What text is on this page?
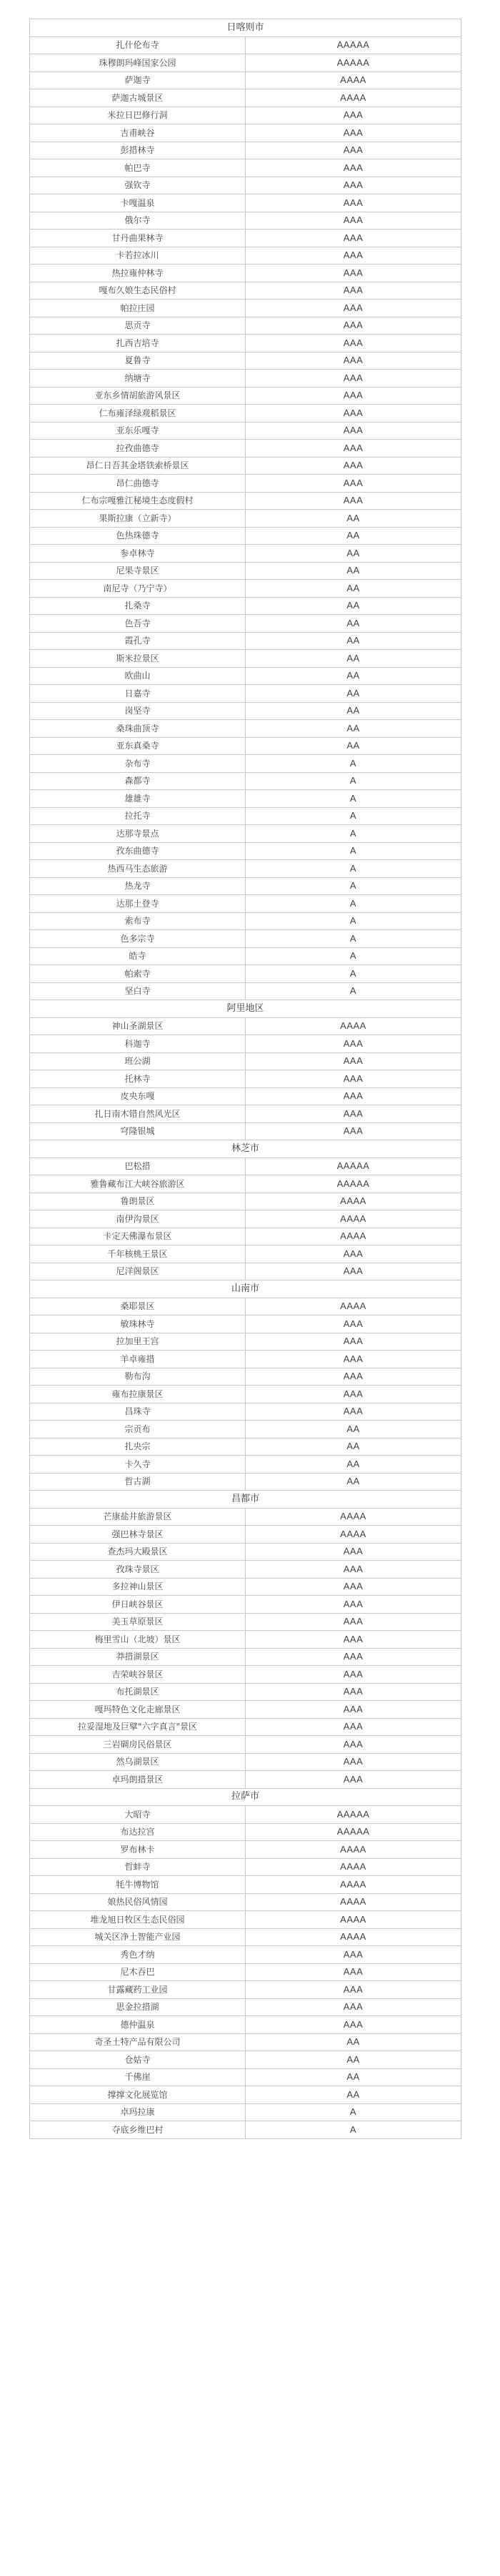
日喀则市	
扎什伦布寺	AAAAA
珠穆朗玛峰国家公园	AAAAA
萨迦寺	AAAA
萨迦古城景区	AAAA
米拉日巴修行洞	AAA
吉甫峡谷	AAA
彭措林寺	AAA
帕巴寺	AAA
强钦寺	AAA
卡嘎温泉	AAA
俄尔寺	AAA
甘丹曲果林寺	AAA
卡若拉冰川	AAA
热拉雍仲林寺	AAA
嘎布久娘生态民俗村	AAA
帕拉庄园	AAA
思贡寺	AAA
扎西吉培寺	AAA
夏鲁寺	AAA
纳塘寺	AAA
亚东乡情胡旅游风景区	AAA
仁布雍泽绿观稻景区	AAA
亚东乐嘎寺	AAA
拉孜曲德寺	AAA
昂仁日吾其金塔铁索桥景区	AAA
昂仁曲德寺	AAA
仁布宗嘎雅江秘境生态度假村	AAA
果斯拉康（立新寺）	AA
色热珠德寺	AA
参卓林寺	AA
尼果寺景区	AA
南尼寺（乃宁寺）	AA
扎桑寺	AA
色吾寺	AA
霞孔寺	AA
斯米拉景区	AA
欧曲山	AA
日嘉寺	AA
岗坚寺	AA
桑珠曲顶寺	AA
亚东真桑寺	AA
杂布寺	A
森都寺	A
雄雄寺	A
拉托寺	A
达那寺景点	A
孜东曲德寺	A
热西马生态旅游	A
热龙寺	A
达那土登寺	A
索布寺	A
色多宗寺	A
皓寺	A
帕索寺	A
坚白寺	A
阿里地区	
神山圣湖景区	AAAA
科迦寺	AAA
班公湖	AAA
托林寺	AAA
皮央东嘎	AAA
扎日南木错自然风光区	AAA
穹隆银城	AAA
林芝市	
巴松措	AAAAA
雅鲁藏布江大峡谷旅游区	AAAAA
鲁朗景区	AAAA
南伊沟景区	AAAA
卡定天佛瀑布景区	AAAA
千年核桃王景区	AAA
尼洋阁景区	AAA
山南市	
桑耶景区	AAAA
敏珠林寺	AAA
拉加里王宫	AAA
羊卓雍措	AAA
勒布沟	AAA
雍布拉康景区	AAA
昌珠寺	AAA
宗贡布	AA
扎央宗	AA
卡久寺	AA
哲古湖	AA
昌都市	
芒康盐井旅游景区	AAAA
强巴林寺景区	AAAA
查杰玛大殿景区	AAA
孜珠寺景区	AAA
多拉神山景区	AAA
伊日峡谷景区	AAA
美玉草原景区	AAA
梅里雪山（北坡）景区	AAA
莽措湖景区	AAA
吉荣峡谷景区	AAA
布托湖景区	AAA
嘎玛特色文化走廊景区	AAA
拉妥湿地及巨擘"六字真言"景区	AAA
三岩碉房民俗景区	AAA
然乌湖景区	AAA
卓玛朗措景区	AAA
拉萨市	
大昭寺	AAAAA
布达拉宫	AAAAA
罗布林卡	AAAA
哲蚌寺	AAAA
牦牛博物馆	AAAA
娘热民俗风情园	AAAA
堆龙旭日牧区生态民俗园	AAAA
城关区净土智能产业园	AAAA
秀色才纳	AAA
尼木吞巴	AAA
甘露藏药工业园	AAA
思金拉措湖	AAA
德仲温泉	AAA
奇圣土特产品有限公司	AA
仓姑寺	AA
千佛崖	AA
撑撑文化展览馆	AA
卓玛拉康	A
夺底乡维巴村	A
